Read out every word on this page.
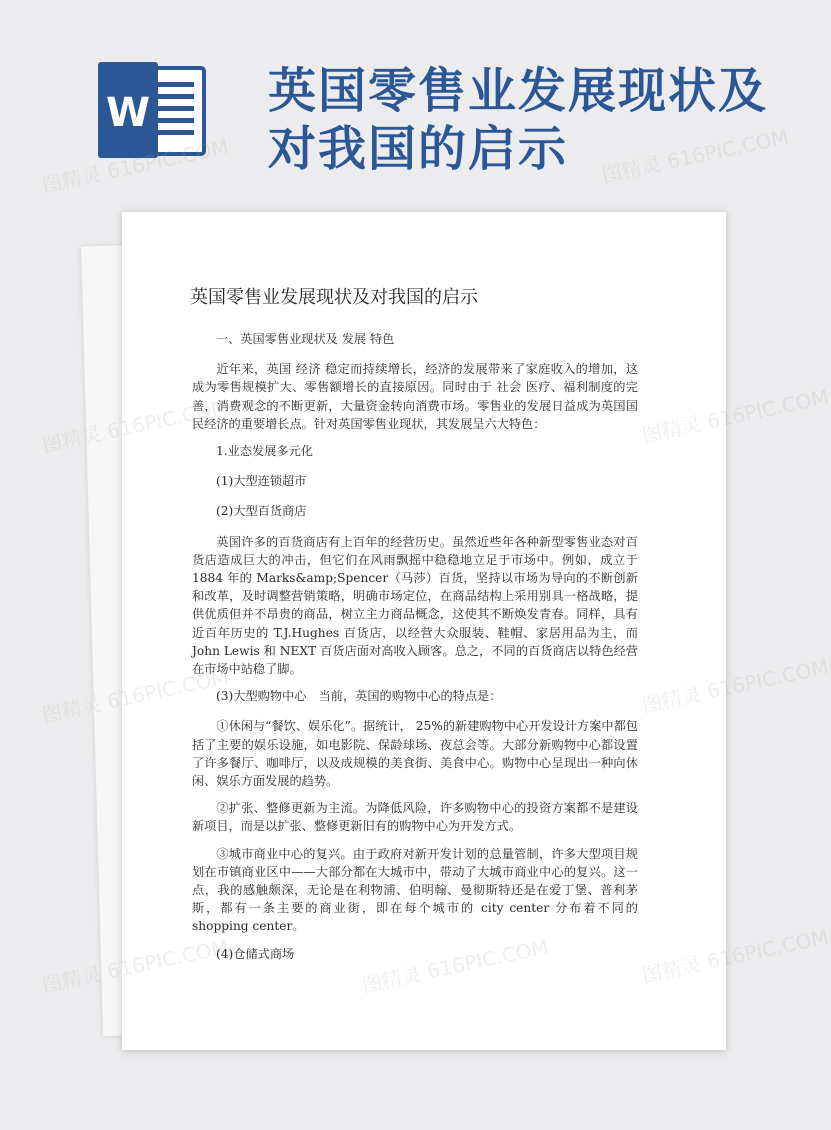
W 英国零售业发展现状及对我国的启示
图精灵 616PIC.COM	图精灵 616PIC.COM
图精灵	图精灵 616PIC.COM
图精灵	图精灵 616PIC.COM
图精灵	图精灵 616PIC.COM
英国零售业发展现状及对我国的启示

一、英国零售业现状及 发展 特色

近年来，英国 经济 稳定而持续增长，经济的发展带来了家庭收入的增加，这成为零售规模扩大、零售额增长的直接原因。同时由于 社会 医疗、福利制度的完善，消费观念的不断更新，大量资金转向消费市场。零售业的发展日益成为英国国民经济的重要增长点。针对英国零售业现状，其发展呈六大特色：

1.业态发展多元化

(1)大型连锁超市

(2)大型百货商店

英国许多的百货商店有上百年的经营历史。虽然近些年各种新型零售业态对百货店造成巨大的冲击，但它们在风雨飘摇中稳稳地立足于市场中。例如，成立于 1884 年的 Marks&amp;Spencer（马莎）百货，坚持以市场为导向的不断创新和改革，及时调整营销策略，明确市场定位，在商品结构上采用别具一格战略，提供优质但并不昂贵的商品，树立主力商品概念，这使其不断焕发青春。同样，具有近百年历史的 T.J.Hughes 百货店，以经营大众服装、鞋帽、家居用品为主，而 John Lewis 和 NEXT 百货店面对高收入顾客。总之，不同的百货商店以特色经营在市场中站稳了脚。

(3)大型购物中心　当前，英国的购物中心的特点是：

①休闲与“餐饮、娱乐化”。据统计， 25%的新建购物中心开发设计方案中都包括了主要的娱乐设施，如电影院、保龄球场、夜总会等。大部分新购物中心都设置了许多餐厅、咖啡厅，以及成规模的美食街、美食中心。购物中心呈现出一种向休闲、娱乐方面发展的趋势。

②扩张、整修更新为主流。为降低风险，许多购物中心的投资方案都不是建设新项目，而是以扩张、整修更新旧有的购物中心为开发方式。

③城市商业中心的复兴。由于政府对新开发计划的总量管制，许多大型项目规划在市镇商业区中——大部分都在大城市中，带动了大城市商业中心的复兴。这一点，我的感触颇深，无论是在利物浦、伯明翰、曼彻斯特还是在爱丁堡、普利茅斯，都有一条主要的商业街，即在每个城市的 city center 分布着不同的 shopping center。

(4)仓储式商场
